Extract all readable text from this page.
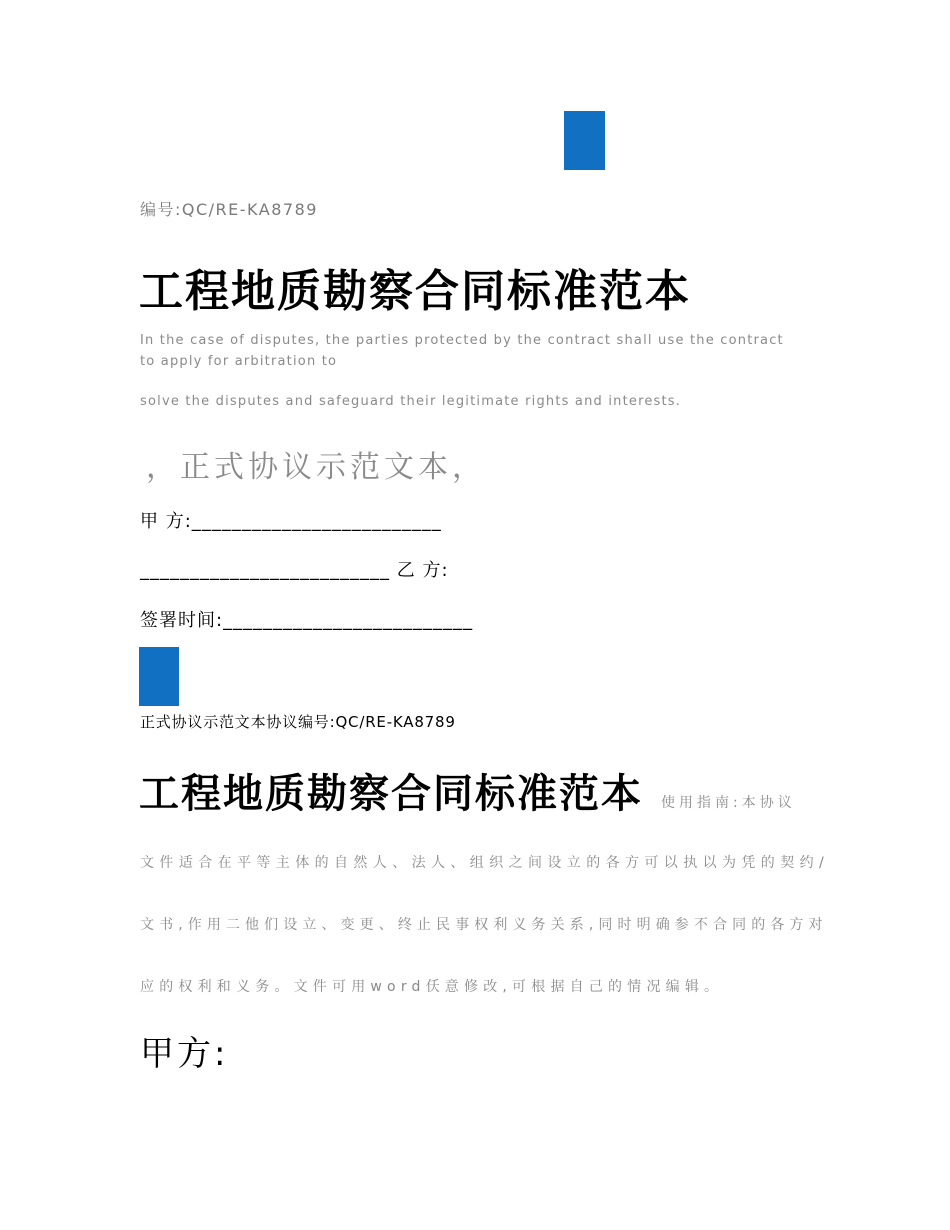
编号:QC/RE-KA8789
工程地质勘察合同标准范本
In the case of disputes, the parties protected by the contract shall use the contract
to apply for arbitration to
solve the disputes and safeguard their legitimate rights and interests.
，正式协议示范文本，
甲 方:_________________________
_________________________ 乙 方:
签署时间:_________________________
正式协议示范文本协议编号:QC/RE-KA8789
工程地质勘察合同标准范本 使用指南:本协议
文件适合在平等主体的自然人、法人、组织之间设立的各方可以执以为凭的契约/
文书,作用二他们设立、变更、终止民事权利义务关系,同时明确参不合同的各方对
应的权利和义务。文件可用word仸意修改,可根据自己的情况编辑。
甲方:
